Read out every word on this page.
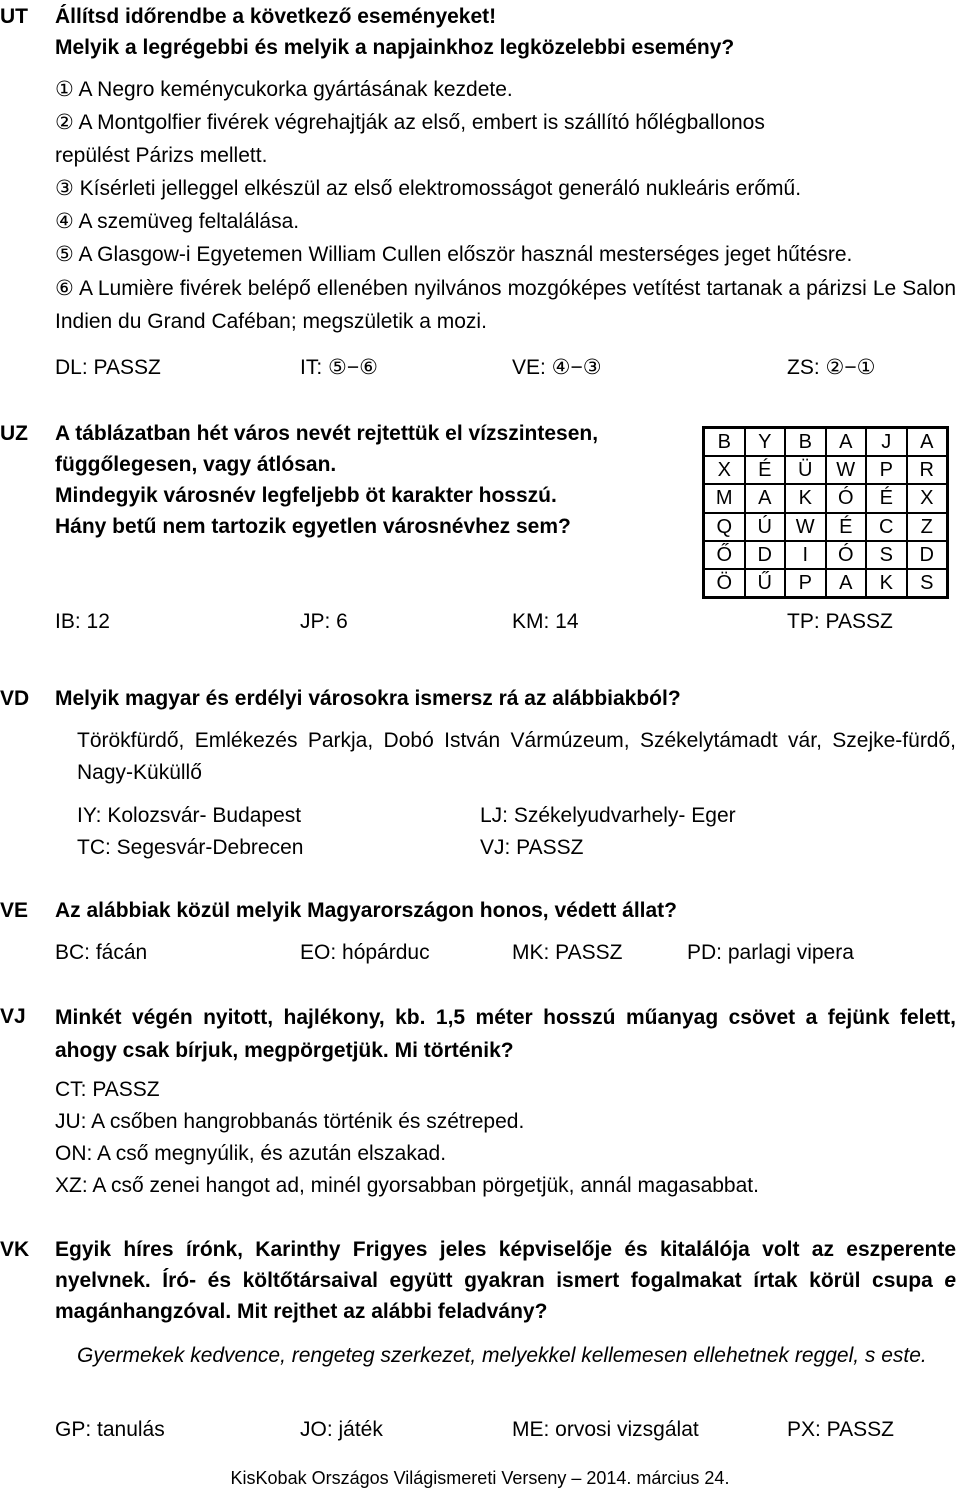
UT Állítsd időrendbe a következő eseményeket!
Melyik a legrégebbi és melyik a napjainkhoz legközelebbi esemény?
① A Negro keménycukorka gyártásának kezdete.
② A Montgolfier fivérek végrehajtják az első, embert is szállító hőlégballonos
repülést Párizs mellett.
③ Kísérleti jelleggel elkészül az első elektromosságot generáló nukleáris erőmű.
④ A szemüveg feltalálása.
⑤ A Glasgow-i Egyetemen William Cullen először használ mesterséges jeget hűtésre.
⑥ A Lumière fivérek belépő ellenében nyilvános mozgóképes vetítést tartanak a párizsi Le Salon Indien du Grand Caféban; megszületik a mozi.
DL: PASSZ	IT: ⑤−⑥	VE: ④−③	ZS: ②−①
UZ A táblázatban hét város nevét rejtettük el vízszintesen,
függőlegesen, vagy átlósan.
Mindegyik városnév legfeljebb öt karakter hosszú.
Hány betű nem tartozik egyetlen városnévhez sem?
B	Y	B	A	J	A
X	É	Ü	W	P	R
M	A	K	Ó	É	X
Q	Ú	W	É	C	Z
Ő	D	I	Ó	S	D
Ö	Ű	P	A	K	S
IB: 12	JP: 6	KM: 14	TP: PASSZ
VD Melyik magyar és erdélyi városokra ismersz rá az alábbiakból?
Törökfürdő, Emlékezés Parkja, Dobó István Vármúzeum, Székelytámadt vár, Szejke-fürdő, Nagy-Küküllő
IY: Kolozsvár- Budapest	LJ: Székelyudvarhely- Eger
TC: Segesvár-Debrecen	VJ: PASSZ
VE Az alábbiak közül melyik Magyarországon honos, védett állat?
BC: fácán	EO: hópárduc	MK: PASSZ	PD: parlagi vipera
VJ Minkét végén nyitott, hajlékony, kb. 1,5 méter hosszú műanyag csövet a fejünk felett, ahogy csak bírjuk, megpörgetjük. Mi történik?
CT: PASSZ
JU: A csőben hangrobbanás történik és szétreped.
ON: A cső megnyúlik, és azután elszakad.
XZ: A cső zenei hangot ad, minél gyorsabban pörgetjük, annál magasabbat.
VK Egyik híres írónk, Karinthy Frigyes jeles képviselője és kitalálója volt az eszperente nyelvnek. Író- és költőtársaival együtt gyakran ismert fogalmakat írtak körül csupa e magánhangzóval. Mit rejthet az alábbi feladvány?
Gyermekek kedvence, rengeteg szerkezet, melyekkel kellemesen ellehetnek reggel, s este.
GP: tanulás	JO: játék	ME: orvosi vizsgálat	PX: PASSZ
KisKobak Országos Világismereti Verseny – 2014. március 24.
